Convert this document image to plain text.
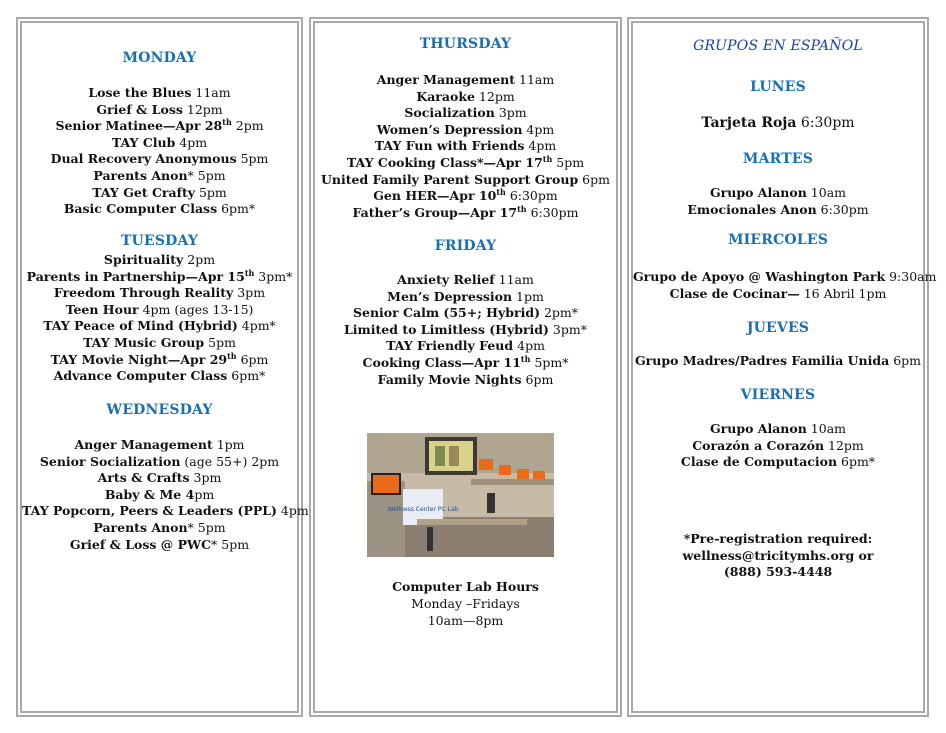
MONDAY
Lose the Blues 11am
Grief & Loss 12pm
Senior Matinee—Apr 28th 2pm
TAY Club 4pm
Dual Recovery Anonymous 5pm
Parents Anon* 5pm
TAY Get Crafty 5pm
Basic Computer Class 6pm*
TUESDAY
Spirituality 2pm
Parents in Partnership—Apr 15th 3pm*
Freedom Through Reality 3pm
Teen Hour 4pm (ages 13-15)
TAY Peace of Mind (Hybrid) 4pm*
TAY Music Group 5pm
TAY Movie Night—Apr 29th 6pm
Advance Computer Class 6pm*
WEDNESDAY
Anger Management 1pm
Senior Socialization (age 55+) 2pm
Arts & Crafts 3pm
Baby & Me 4pm
TAY Popcorn, Peers & Leaders (PPL) 4pm
Parents Anon* 5pm
Grief & Loss @ PWC* 5pm
THURSDAY
Anger Management 11am
Karaoke 12pm
Socialization 3pm
Women’s Depression 4pm
TAY Fun with Friends 4pm
TAY Cooking Class*—Apr 17th 5pm
United Family Parent Support Group 6pm
Gen HER—Apr 10th 6:30pm
Father’s Group—Apr 17th 6:30pm
FRIDAY
Anxiety Relief 11am
Men’s Depression 1pm
Senior Calm (55+; Hybrid) 2pm*
Limited to Limitless (Hybrid) 3pm*
TAY Friendly Feud 4pm
Cooking Class—Apr 11th 5pm*
Family Movie Nights 6pm
Wellness Center PC Lab
Computer Lab Hours
Monday –Fridays
10am—8pm
GRUPOS EN ESPAÑOL
LUNES
Tarjeta Roja 6:30pm
MARTES
Grupo Alanon 10am
Emocionales Anon 6:30pm
MIERCOLES
Grupo de Apoyo @ Washington Park 9:30am
Clase de Cocinar— 16 Abril 1pm
JUEVES
Grupo Madres/Padres Familia Unida 6pm
VIERNES
Grupo Alanon 10am
Corazón a Corazón 12pm
Clase de Computacion 6pm*
*Pre-registration required:
wellness@tricitymhs.org or
(888) 593-4448
